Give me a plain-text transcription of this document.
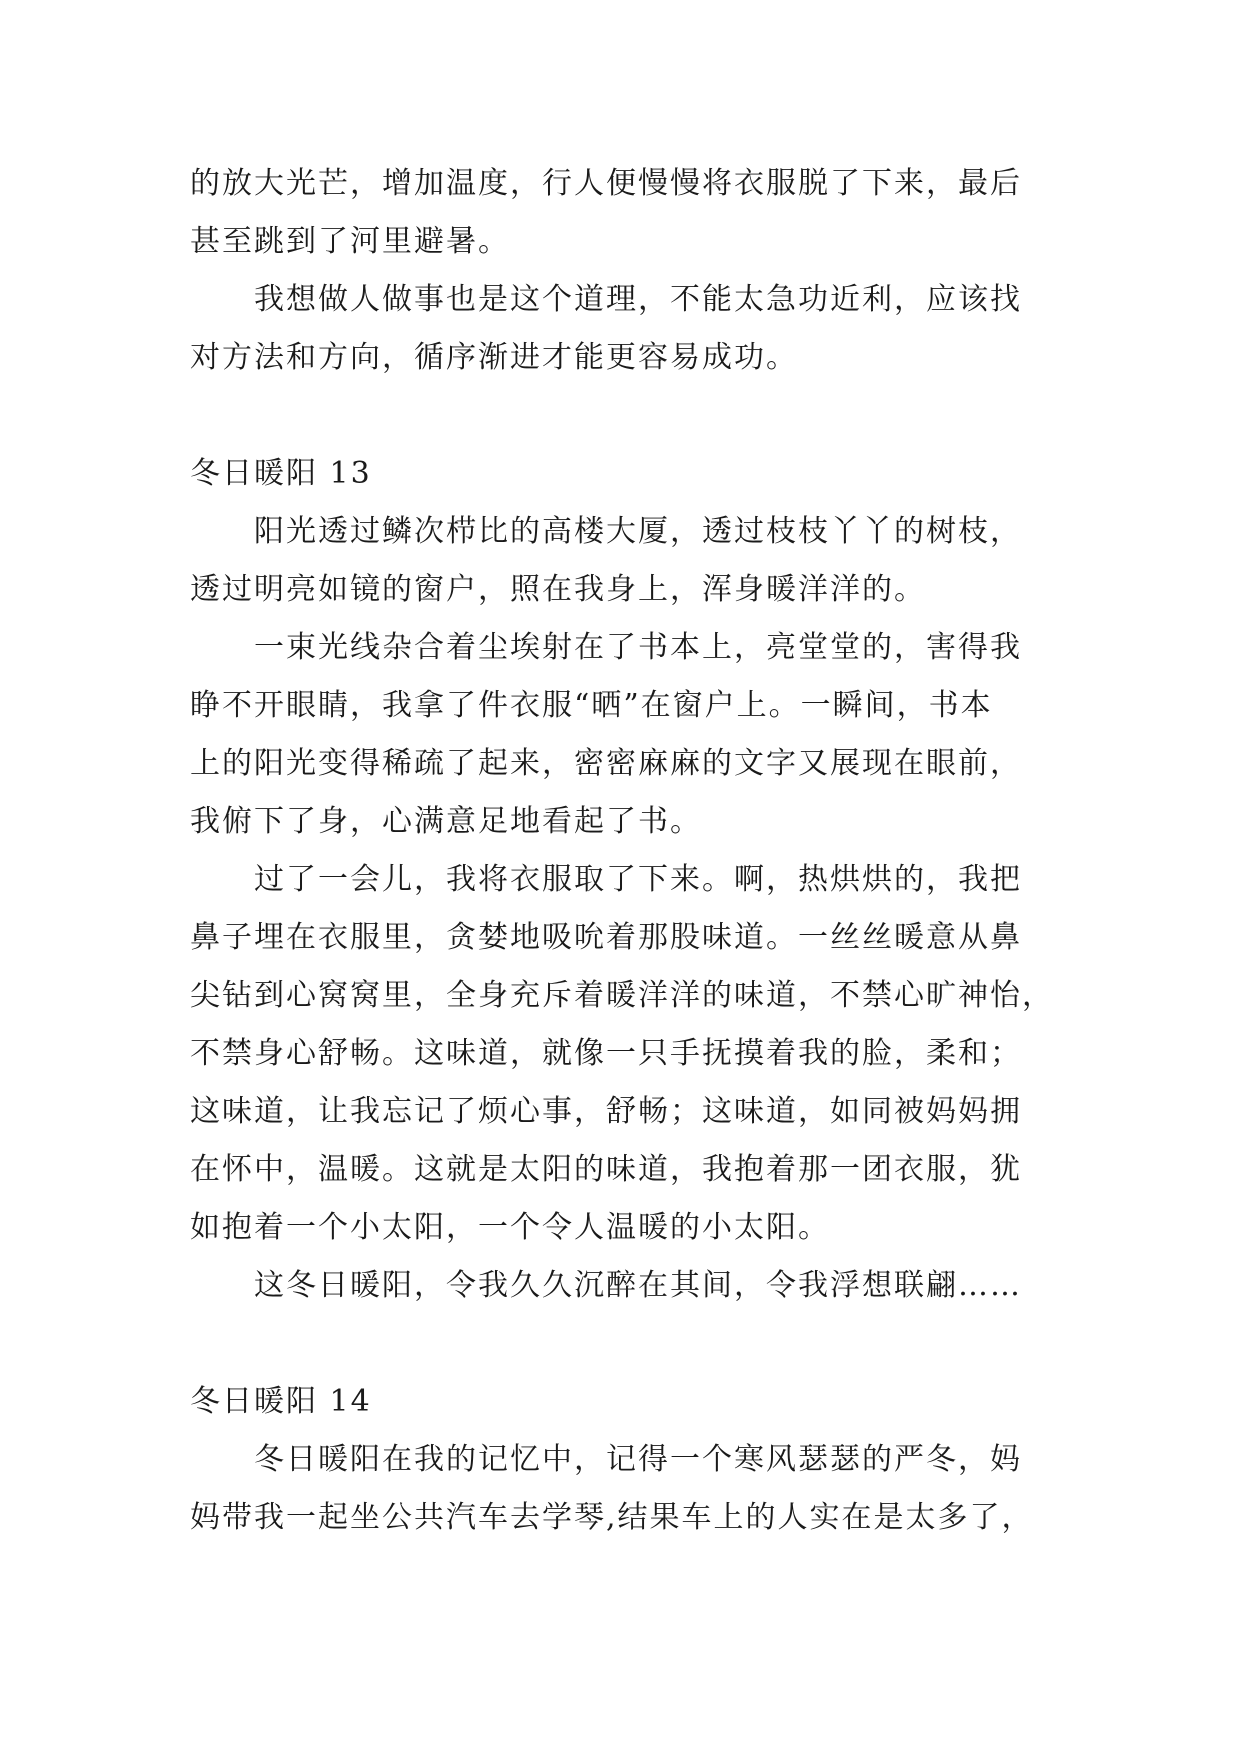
的放大光芒，增加温度，行人便慢慢将衣服脱了下来，最后
甚至跳到了河里避暑。
我想做人做事也是这个道理，不能太急功近利，应该找
对方法和方向，循序渐进才能更容易成功。
冬日暖阳 13
阳光透过鳞次栉比的高楼大厦，透过枝枝丫丫的树枝，
透过明亮如镜的窗户，照在我身上，浑身暖洋洋的。
一束光线杂合着尘埃射在了书本上，亮堂堂的，害得我
睁不开眼睛，我拿了件衣服“晒”在窗户上。一瞬间，书本
上的阳光变得稀疏了起来，密密麻麻的文字又展现在眼前，
我俯下了身，心满意足地看起了书。
过了一会儿，我将衣服取了下来。啊，热烘烘的，我把
鼻子埋在衣服里，贪婪地吸吮着那股味道。一丝丝暖意从鼻
尖钻到心窝窝里，全身充斥着暖洋洋的味道，不禁心旷神怡，
不禁身心舒畅。这味道，就像一只手抚摸着我的脸，柔和；
这味道，让我忘记了烦心事，舒畅；这味道，如同被妈妈拥
在怀中，温暖。这就是太阳的味道，我抱着那一团衣服，犹
如抱着一个小太阳，一个令人温暖的小太阳。
这冬日暖阳，令我久久沉醉在其间，令我浮想联翩……
冬日暖阳 14
冬日暖阳在我的记忆中，记得一个寒风瑟瑟的严冬，妈
妈带我一起坐公共汽车去学琴,结果车上的人实在是太多了，
